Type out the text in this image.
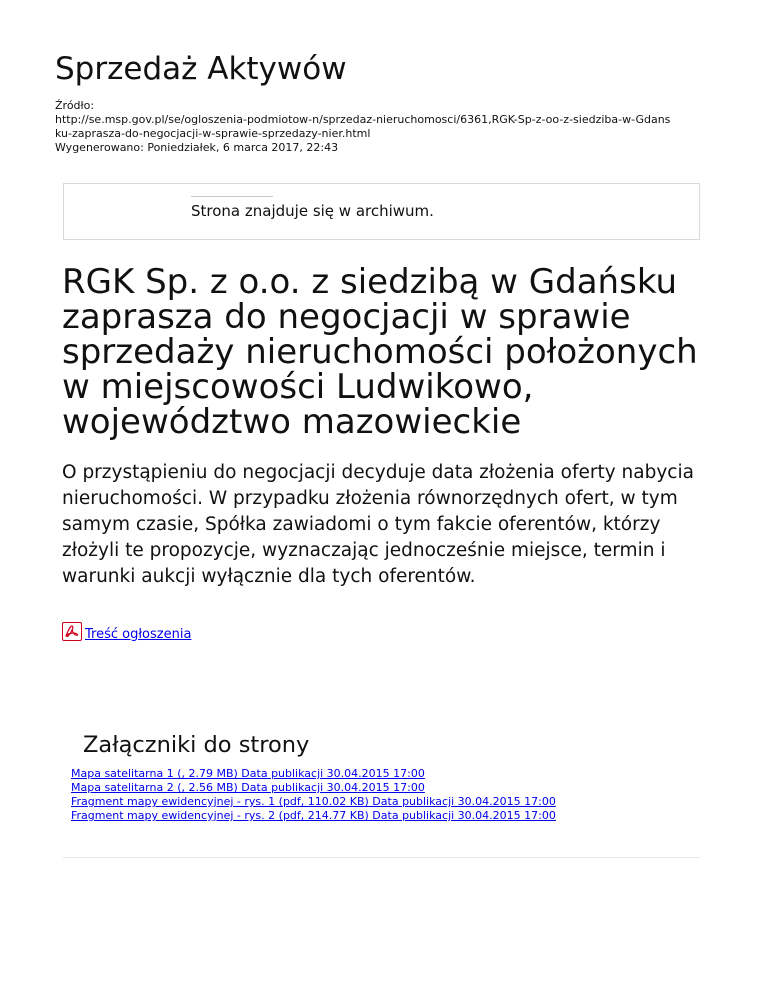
Sprzedaż Aktywów
Źródło:
http://se.msp.gov.pl/se/ogloszenia-podmiotow-n/sprzedaz-nieruchomosci/6361,RGK-Sp-z-oo-z-siedziba-w-Gdans
ku-zaprasza-do-negocjacji-w-sprawie-sprzedazy-nier.html
Wygenerowano: Poniedziałek, 6 marca 2017, 22:43
Strona znajduje się w archiwum.
RGK Sp. z o.o. z siedzibą w Gdańsku zaprasza do negocjacji w sprawie sprzedaży nieruchomości położonych w miejscowości Ludwikowo, województwo mazowieckie

O przystąpieniu do negocjacji decyduje data złożenia oferty nabycia nieruchomości. W przypadku złożenia równorzędnych ofert, w tym samym czasie, Spółka zawiadomi o tym fakcie oferentów, którzy złożyli te propozycje, wyznaczając jednocześnie miejsce, termin i warunki aukcji wyłącznie dla tych oferentów.

Treść ogłoszenia
Załączniki do strony
Mapa satelitarna 1 (, 2.79 MB) Data publikacji 30.04.2015 17:00
Mapa satelitarna 2 (, 2.56 MB) Data publikacji 30.04.2015 17:00
Fragment mapy ewidencyjnej - rys. 1 (pdf, 110.02 KB) Data publikacji 30.04.2015 17:00
Fragment mapy ewidencyjnej - rys. 2 (pdf, 214.77 KB) Data publikacji 30.04.2015 17:00
